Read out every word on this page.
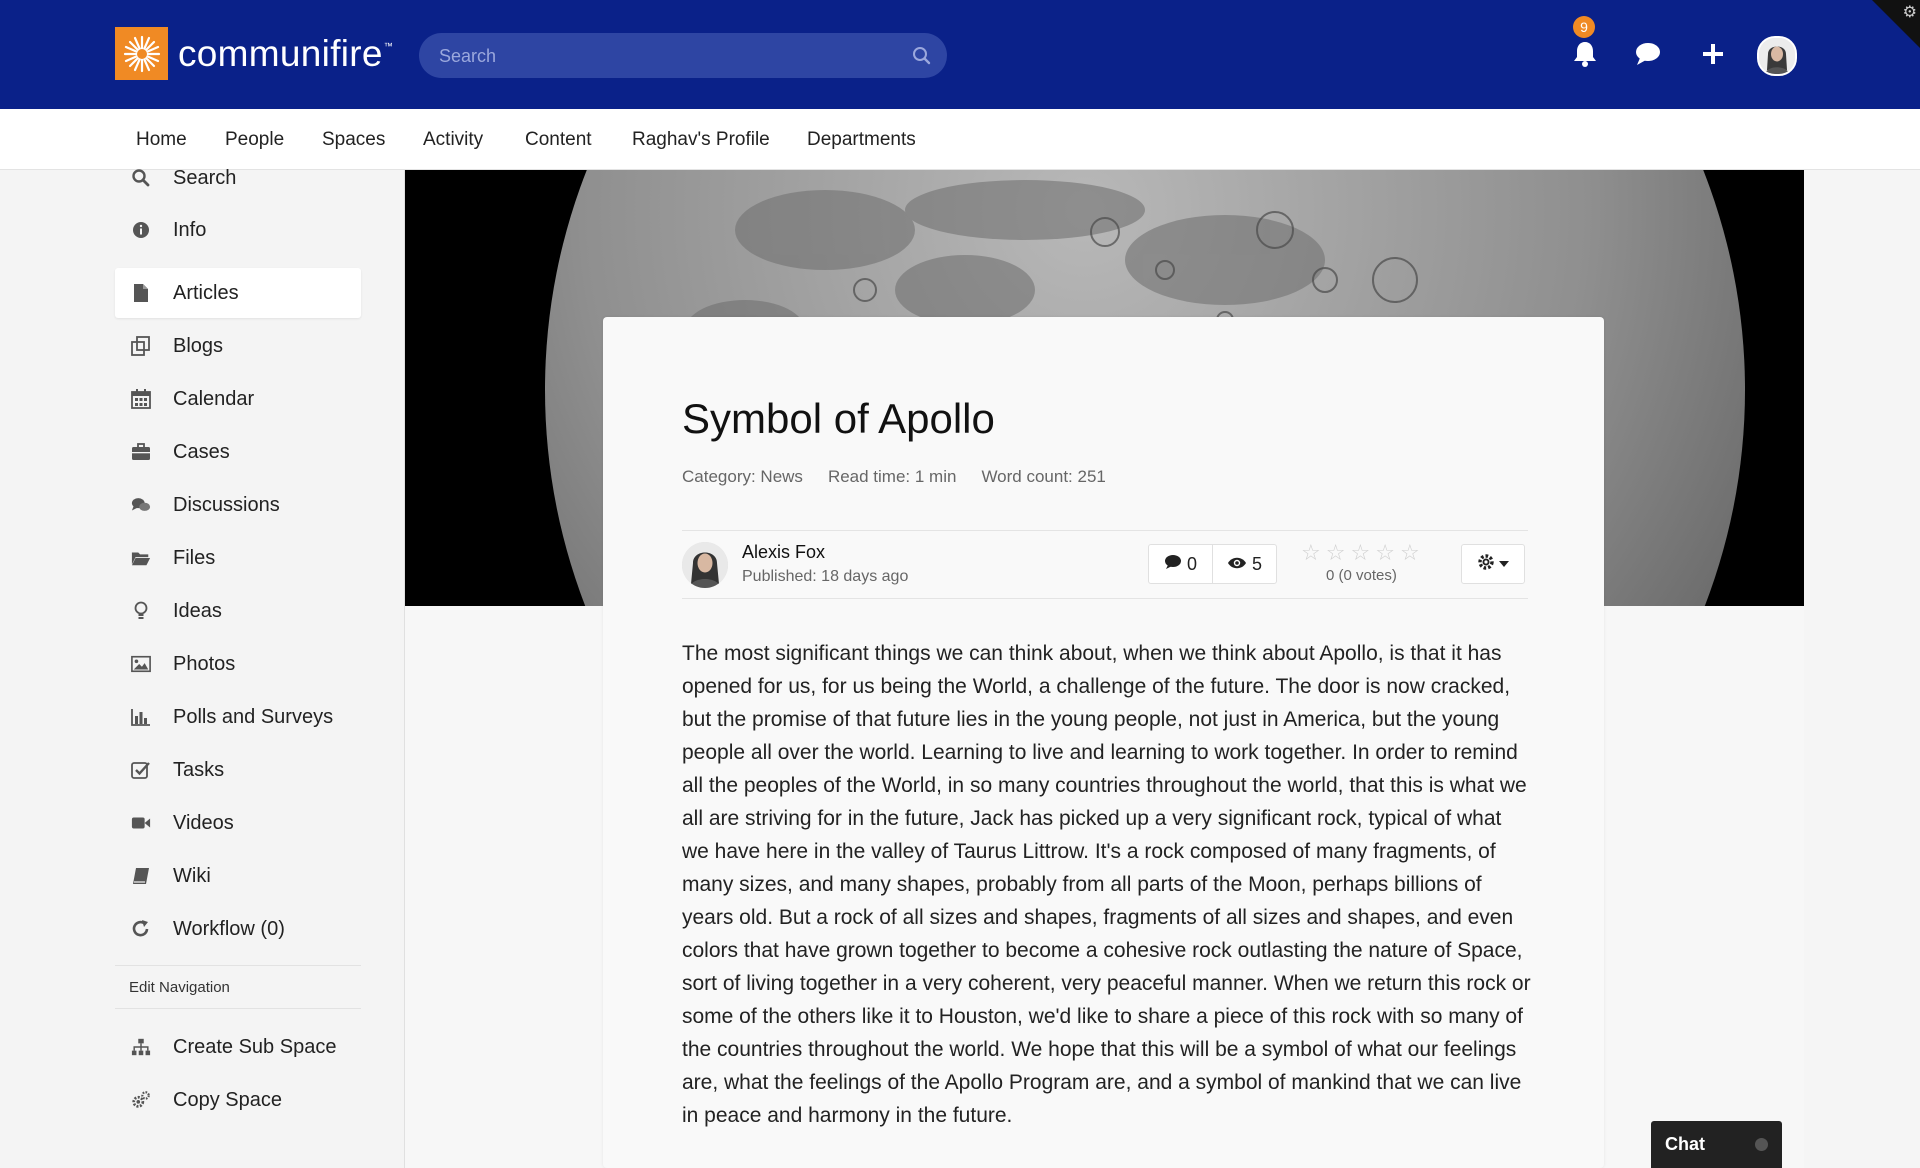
communifire ™
Search
9
⚙
Home People Spaces Activity Content Raghav's Profile Departments
Search
Info
Articles
Blogs
Calendar
Cases
Discussions
Files
Ideas
Photos
Polls and Surveys
Tasks
Videos
Wiki
Workflow (0)
Edit Navigation
Create Sub Space
Copy Space
Symbol of Apollo
Category: News Read time: 1 min Word count: 251
Alexis Fox
Published: 18 days ago
0	5 ☆ ☆ ☆ ☆ ☆
0 (0 votes)

The most significant things we can think about, when we think about Apollo, is that it has opened for us, for us being the World, a challenge of the future. The door is now cracked, but the promise of that future lies in the young people, not just in America, but the young people all over the world. Learning to live and learning to work together. In order to remind all the peoples of the World, in so many countries throughout the world, that this is what we all are striving for in the future, Jack has picked up a very significant rock, typical of what we have here in the valley of Taurus Littrow. It's a rock composed of many fragments, of many sizes, and many shapes, probably from all parts of the Moon, perhaps billions of years old. But a rock of all sizes and shapes, fragments of all sizes and shapes, and even colors that have grown together to become a cohesive rock outlasting the nature of Space, sort of living together in a very coherent, very peaceful manner. When we return this rock or some of the others like it to Houston, we'd like to share a piece of this rock with so many of the countries throughout the world. We hope that this will be a symbol of what our feelings are, what the feelings of the Apollo Program are, and a symbol of mankind that we can live in peace and harmony in the future.

Chat
